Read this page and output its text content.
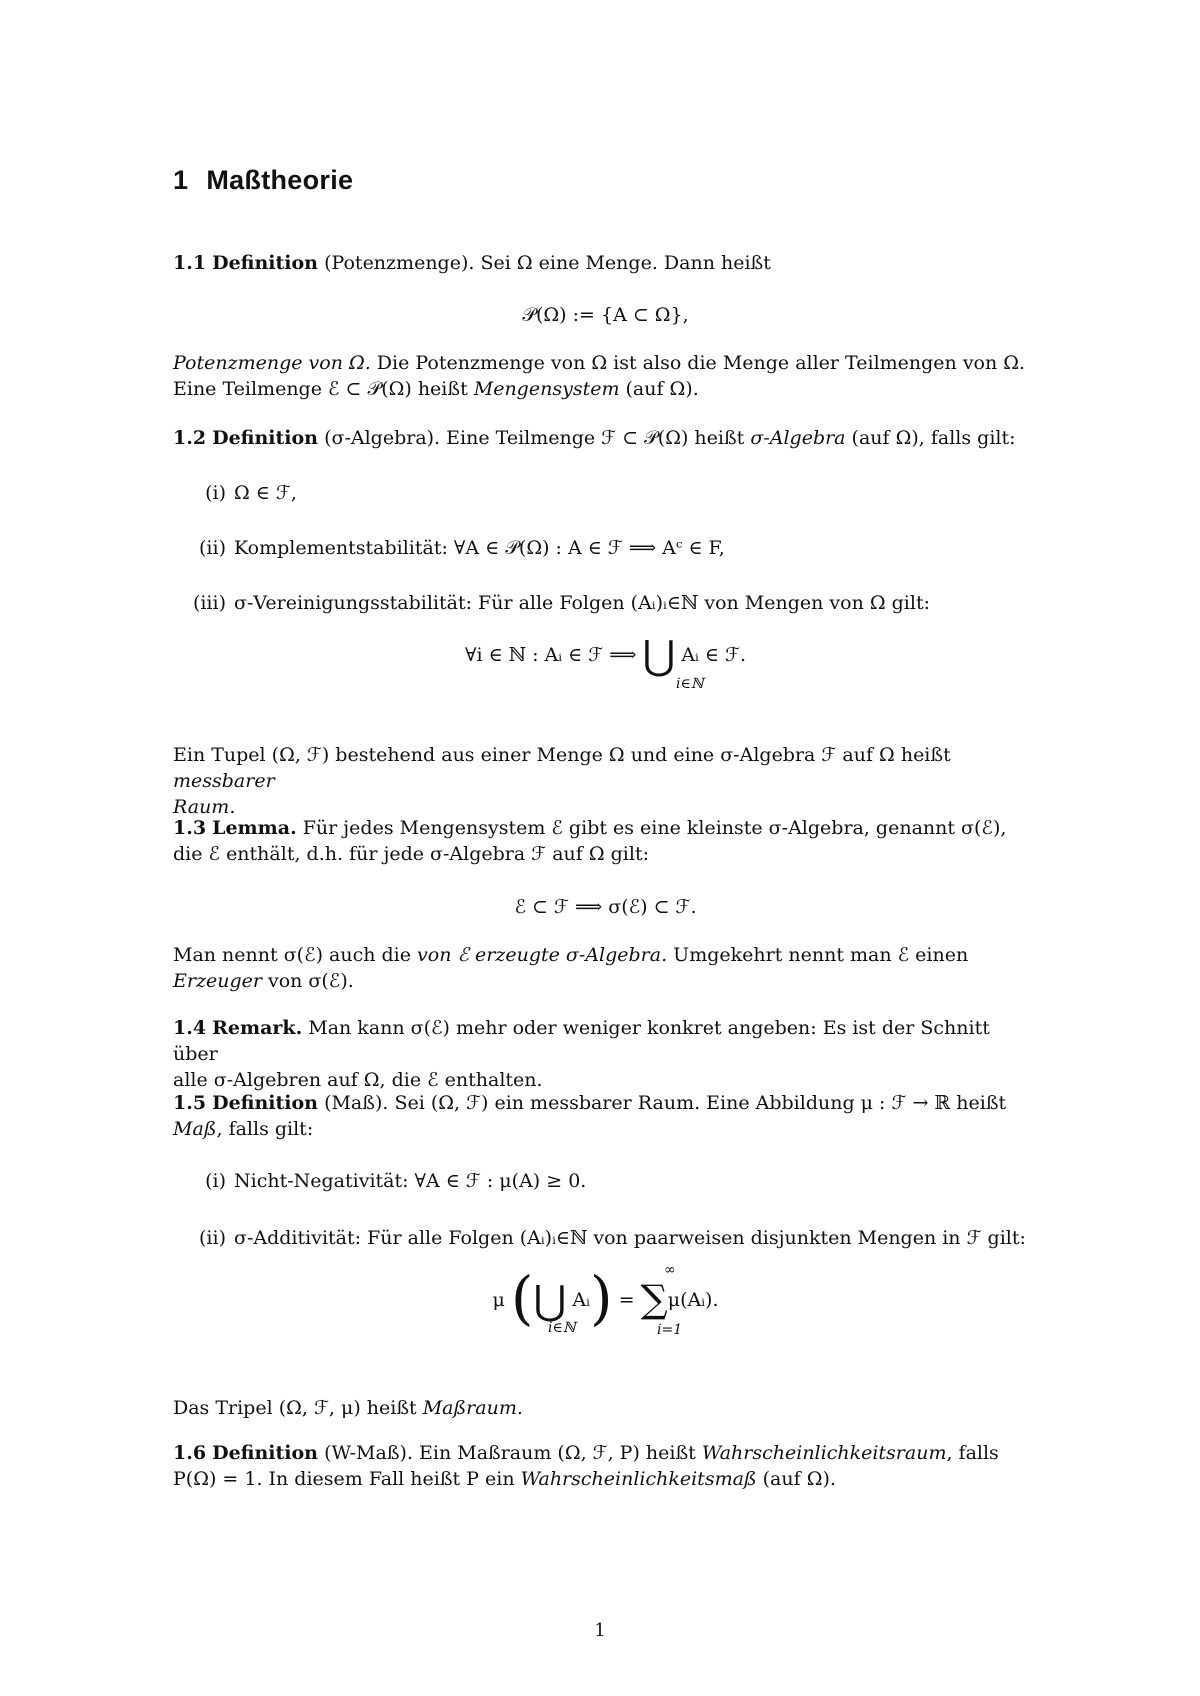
1 Maßtheorie
1.1 Definition (Potenzmenge). Sei Ω eine Menge. Dann heißt
𝒫(Ω) := {A ⊂ Ω},
Potenzmenge von Ω. Die Potenzmenge von Ω ist also die Menge aller Teilmengen von Ω.
Eine Teilmenge ℰ ⊂ 𝒫(Ω) heißt Mengensystem (auf Ω).
1.2 Definition (σ-Algebra). Eine Teilmenge ℱ ⊂ 𝒫(Ω) heißt σ-Algebra (auf Ω), falls gilt:
(i) Ω ∈ ℱ,
(ii) Komplementstabilität: ∀A ∈ 𝒫(Ω) : A ∈ ℱ ⟹ Aᶜ ∈ F,
(iii) σ-Vereinigungsstabilität: Für alle Folgen (Aᵢ)ᵢ∈ℕ von Mengen von Ω gilt:
∀i ∈ ℕ : Aᵢ ∈ ℱ ⟹ ⋃ Aᵢ ∈ ℱ.
i∈ℕ
Ein Tupel (Ω, ℱ) bestehend aus einer Menge Ω und eine σ-Algebra ℱ auf Ω heißt messbarer
Raum.
1.3 Lemma. Für jedes Mengensystem ℰ gibt es eine kleinste σ-Algebra, genannt σ(ℰ),
die ℰ enthält, d.h. für jede σ-Algebra ℱ auf Ω gilt:
ℰ ⊂ ℱ ⟹ σ(ℰ) ⊂ ℱ.
Man nennt σ(ℰ) auch die von ℰ erzeugte σ-Algebra. Umgekehrt nennt man ℰ einen
Erzeuger von σ(ℰ).
1.4 Remark. Man kann σ(ℰ) mehr oder weniger konkret angeben: Es ist der Schnitt über
alle σ-Algebren auf Ω, die ℰ enthalten.
1.5 Definition (Maß). Sei (Ω, ℱ) ein messbarer Raum. Eine Abbildung μ : ℱ → ℝ heißt
Maß, falls gilt:
(i) Nicht-Negativität: ∀A ∈ ℱ : μ(A) ≥ 0.
(ii) σ-Additivität: Für alle Folgen (Aᵢ)ᵢ∈ℕ von paarweisen disjunkten Mengen in ℱ gilt:
μ (⋃ Aᵢ) = ∑μ(Aᵢ).
i∈ℕ
∞
i=1
Das Tripel (Ω, ℱ, μ) heißt Maßraum.
1.6 Definition (W-Maß). Ein Maßraum (Ω, ℱ, P) heißt Wahrscheinlichkeitsraum, falls
P(Ω) = 1. In diesem Fall heißt P ein Wahrscheinlichkeitsmaß (auf Ω).
1
